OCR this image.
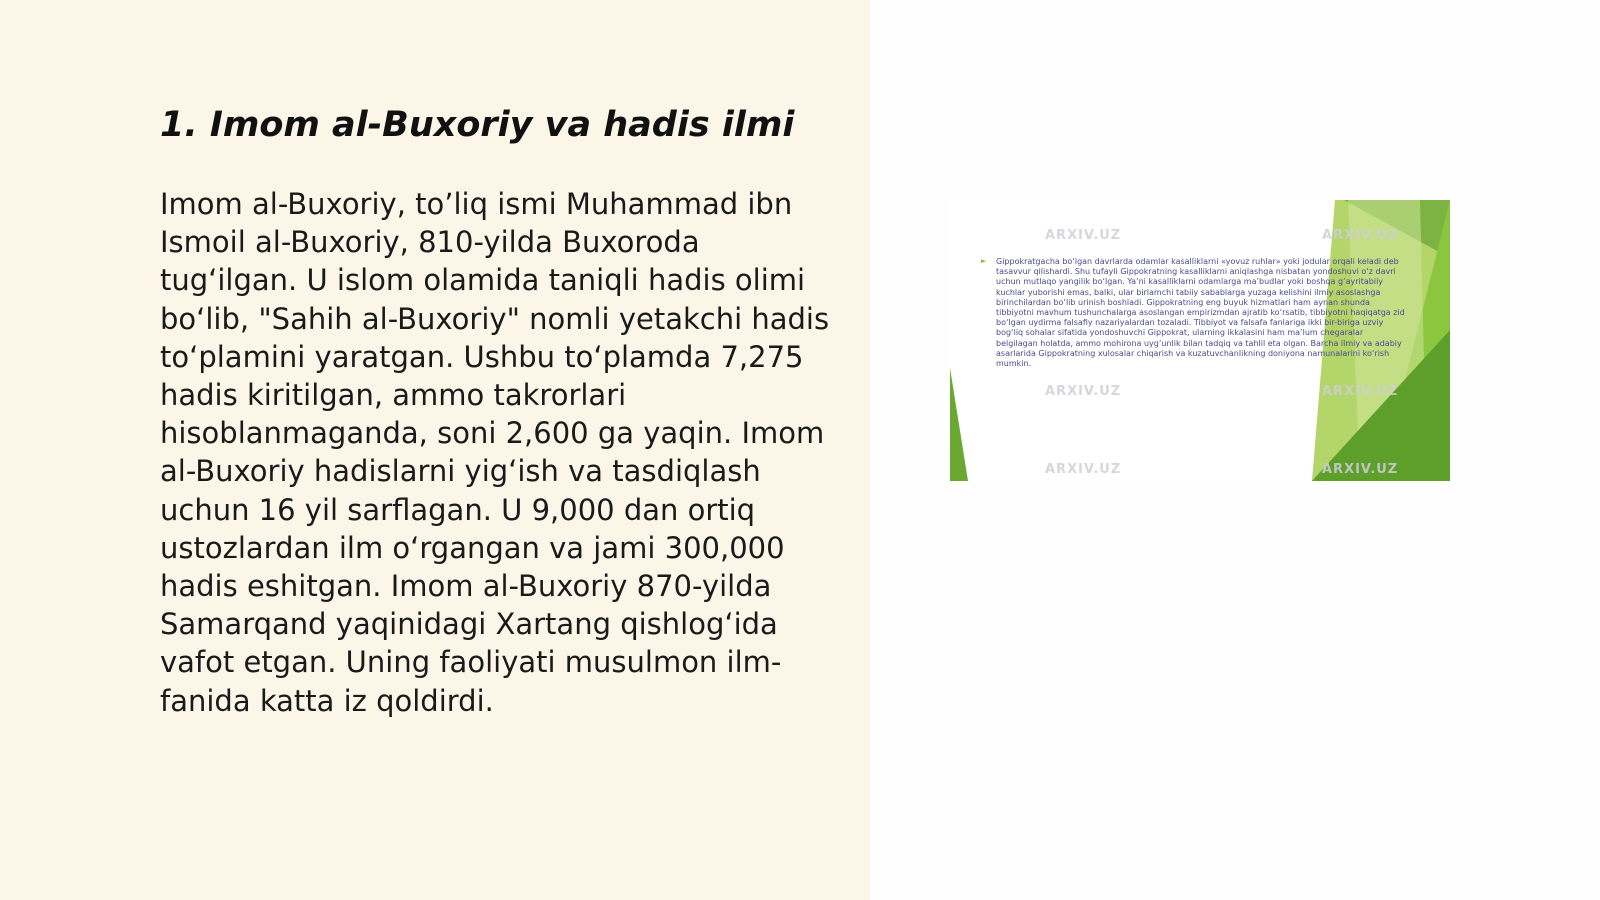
1. Imom al-Buxoriy va hadis ilmi

Imom al-Buxoriy, to’liq ismi Muhammad ibn Ismoil al-Buxoriy, 810-yilda Buxoroda tug‘ilgan. U islom olamida taniqli hadis olimi bo‘lib, "Sahih al-Buxoriy" nomli yetakchi hadis to‘plamini yaratgan. Ushbu to‘plamda 7,275 hadis kiritilgan, ammo takrorlari hisoblanmaganda, soni 2,600 ga yaqin. Imom al-Buxoriy hadislarni yig‘ish va tasdiqlash uchun 16 yil sarflagan. U 9,000 dan ortiq ustozlardan ilm o‘rgangan va jami 300,000 hadis eshitgan. Imom al-Buxoriy 870-yilda Samarqand yaqinidagi Xartang qishlog‘ida vafot etgan. Uning faoliyati musulmon ilm-fanida katta iz qoldirdi.

► Gippokratgacha bo‘lgan davrlarda odamlar kasalliklarni «yovuz ruhlar» yoki jodular orqali keladi deb tasavvur qilishardi. Shu tufayli Gippokratning kasalliklarni aniqlashga nisbatan yondoshuvi o‘z davri uchun mutlaqo yangilik bo‘lgan. Ya’ni kasalliklarni odamlarga ma’budlar yoki boshqa g‘ayritabiiy kuchlar yuborishi emas, balki, ular birlamchi tabiiy sabablarga yuzaga kelishini ilmiy asoslashga birinchilardan bo‘lib urinish boshladi. Gippokratning eng buyuk hizmatlari ham aynan shunda tibbiyotni mavhum tushunchalarga asoslangan empirizmdan ajratib ko‘rsatib, tibbiyotni haqiqatga zid bo‘lgan uydirma falsafiy nazariyalardan tozaladi. Tibbiyot va falsafa fanlariga ikki bir-biriga uzviy bog‘liq sohalar sifatida yondoshuvchi Gippokrat, ularning ikkalasini ham ma’lum chegaralar belgilagan holatda, ammo mohirona uyg‘unlik bilan tadqiq va tahlil eta olgan. Barcha ilmiy va adabiy asarlarida Gippokratning xulosalar chiqarish va kuzatuvchanlikning doniyona namunalarini ko‘rish mumkin.

ARXIV.UZ	ARXIV.UZ
ARXIV.UZ	ARXIV.UZ
ARXIV.UZ	ARXIV.UZ
